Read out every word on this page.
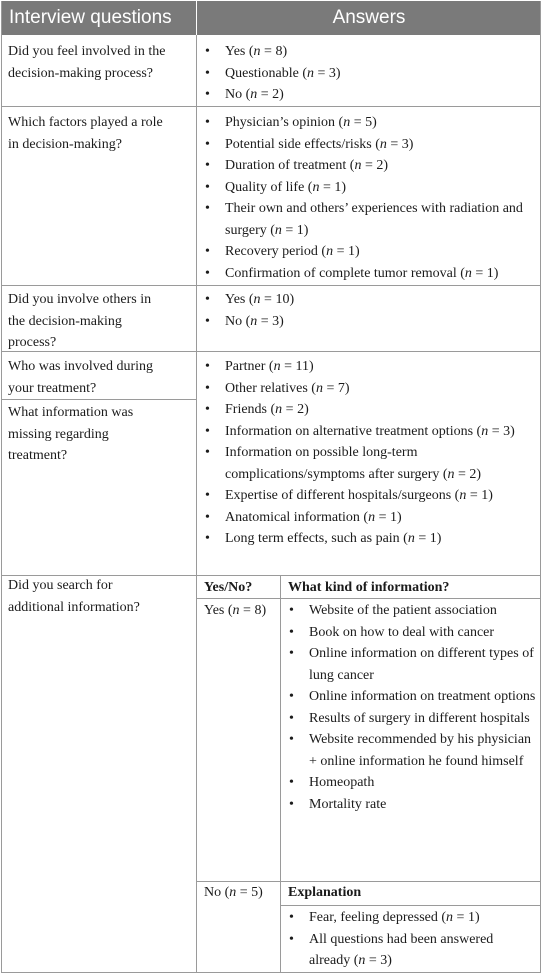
Interview questions	Answers
Did you feel involved in the
decision-making process?

• Yes (n = 8)

• Questionable (n = 3)

• No (n = 2)

Which factors played a role
in decision-making?

• Physician’s opinion (n = 5)

• Potential side effects/risks (n = 3)

• Duration of treatment (n = 2)

• Quality of life (n = 1)

• Their own and others’ experiences with radiation and surgery (n = 1)

• Recovery period (n = 1)

• Confirmation of complete tumor removal (n = 1)

Did you involve others in
the decision-making
process?

• Yes (n = 10)

• No (n = 3)

Who was involved during
your treatment?
What information was
missing regarding
treatment?

• Partner (n = 11)

• Other relatives (n = 7)

• Friends (n = 2)

• Information on alternative treatment options (n = 3)

• Information on possible long-term complications/symptoms after surgery (n = 2)

• Expertise of different hospitals/surgeons (n = 1)

• Anatomical information (n = 1)

• Long term effects, such as pain (n = 1)

Did you search for
additional information?
Yes/No?	What kind of information?
Yes (n = 8)

•	Website of the patient association

• Book on how to deal with cancer

• Online information on different types of lung cancer

• Online information on treatment options

• Results of surgery in different hospitals

• Website recommended by his physician + online information he found himself

• Homeopath

• Mortality rate

No (n = 5) Explanation

• Fear, feeling depressed (n = 1)

• All questions had been answered already (n = 3)
